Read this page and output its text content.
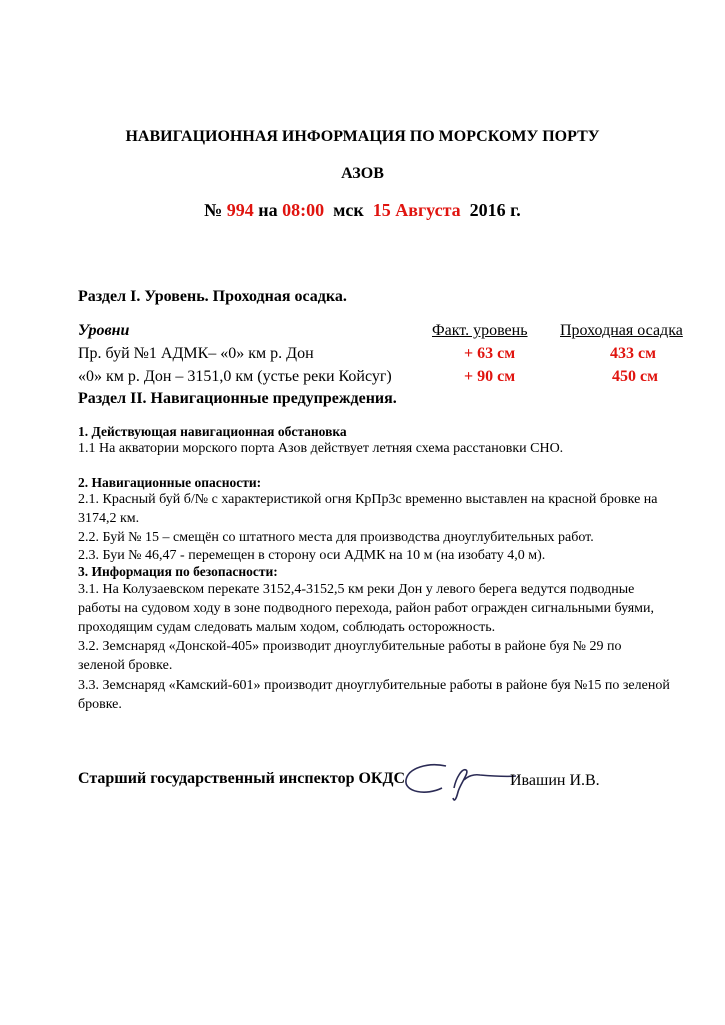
НАВИГАЦИОННАЯ ИНФОРМАЦИЯ ПО МОРСКОМУ ПОРТУ
АЗОВ
№ 994 на 08:00 мск 15 Августа 2016 г.
Раздел I. Уровень. Проходная осадка.
Уровни	Факт. уровень Проходная осадка
Пр. буй №1 АДМК– «0» км р. Дон	+ 63 см	433 см
«0» км р. Дон – 3151,0 км (устье реки Койсуг)	+ 90 см	450 см
Раздел II. Навигационные предупреждения.
1. Действующая навигационная обстановка
1.1 На акватории морского порта Азов действует летняя схема расстановки СНО.
2. Навигационные опасности:
2.1. Красный буй б/№ с характеристикой огня КрПр3с временно выставлен на красной бровке на
3174,2 км.
2.2. Буй № 15 – смещён со штатного места для производства дноуглубительных работ.
2.3. Буи № 46,47 - перемещен в сторону оси АДМК на 10 м (на изобату 4,0 м).
3. Информация по безопасности:
3.1. На Колузаевском перекате 3152,4-3152,5 км реки Дон у левого берега ведутся подводные
работы на судовом ходу в зоне подводного перехода, район работ огражден сигнальными буями,
проходящим судам следовать малым ходом, соблюдать осторожность.
3.2. Земснаряд «Донской-405» производит дноуглубительные работы в районе буя № 29 по
зеленой бровке.
3.3. Земснаряд «Камский-601» производит дноуглубительные работы в районе буя №15 по зеленой
бровке.
Старший государственный инспектор ОКДС	Ивашин И.В.
